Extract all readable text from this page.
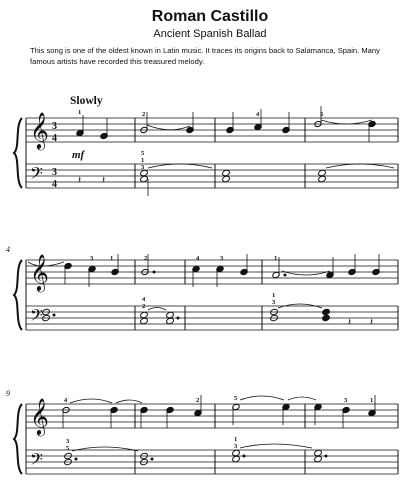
Roman Castillo
Ancient Spanish Ballad
This song is one of the oldest known in Latin music. It traces its origins back to Salamanca, Spain. Many famous artists have recorded this treasured melody.
Slowly
𝄞
𝄢
3
4
3
4
mf
𝄽 𝄽
𝄞
𝄢
4
𝄽 𝄽
𝄞
𝄢
9
1	2	4	5
5
1
3
3	1	2	4	3	1
4
2
1
3
4	2	5	3	1
3
5
1
3
